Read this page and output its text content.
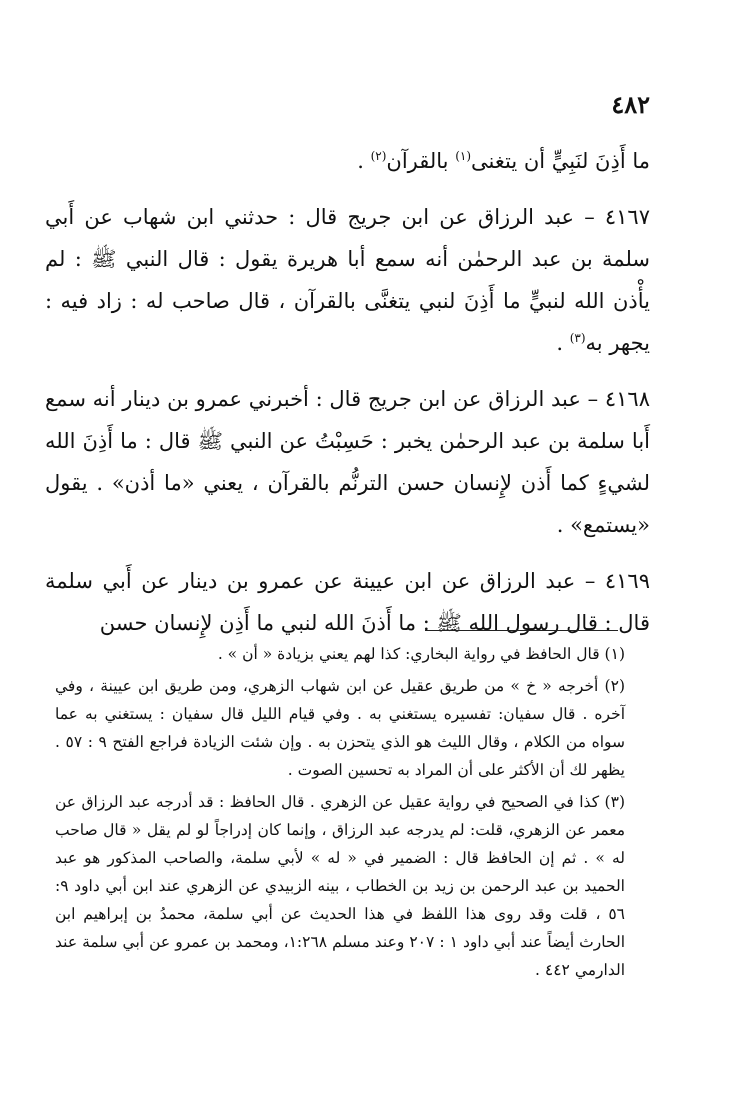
٤٨٢

ما أَذِنَ لنَبِيٍّ أن يتغنى$^{(١)}$ بالقرآن$^{(٢)}$ .

٤١٦٧ – عبد الرزاق عن ابن جريج قال : حدثني ابن شهاب عن أَبي سلمة بن عبد الرحمٰن أنه سمع أبا هريرة يقول : قال النبي ﷺ : لم يأْذن الله لنبيٍّ ما أَذِنَ لنبي يتغنَّى بالقرآن ، قال صاحب له : زاد فيه : يجهر به$^{(٣)}$ .

٤١٦٨ – عبد الرزاق عن ابن جريج قال : أخبرني عمرو بن دينار أنه سمع أَبا سلمة بن عبد الرحمٰن يخبر : حَسِبْتُ عن النبي ﷺ قال : ما أَذِنَ الله لشيءٍ كما أَذن لإِنسان حسن الترنُّم بالقرآن ، يعني «ما أذن» . يقول «يستمع» .

٤١٦٩ – عبد الرزاق عن ابن عيينة عن عمرو بن دينار عن أَبي سلمة قال : قال رسول الله ﷺ : ما أَذنَ الله لنبي ما أَذِن لإِنسان حسن

(١) قال الحافظ في رواية البخاري: كذا لهم يعني بزيادة « أن » .

(٢) أخرجه « خ » من طريق عقيل عن ابن شهاب الزهري، ومن طريق ابن عيينة ، وفي آخره . قال سفيان: تفسيره يستغني به . وفي قيام الليل قال سفيان : يستغني به عما سواه من الكلام ، وقال الليث هو الذي يتحزن به . وإن شئت الزيادة فراجع الفتح ٩ : ٥٧ . يظهر لك أن الأكثر على أن المراد به تحسين الصوت .

(٣) كذا في الصحيح في رواية عقيل عن الزهري . قال الحافظ : قد أدرجه عبد الرزاق عن معمر عن الزهري، قلت: لم يدرجه عبد الرزاق ، وإنما كان إدراجاً لو لم يقل « قال صاحب له » . ثم إن الحافظ قال : الضمير في « له » لأبي سلمة، والصاحب المذكور هو عبد الحميد بن عبد الرحمن بن زيد بن الخطاب ، بينه الزبيدي عن الزهري عند ابن أبي داود ٩: ٥٦ ، قلت وقد روى هذا اللفظ في هذا الحديث عن أبي سلمة، محمدُ بن إبراهيم ابن الحارث أيضاً عند أبي داود ١ : ٢٠٧ وعند مسلم ١:٢٦٨، ومحمد بن عمرو عن أبي سلمة عند الدارمي ٤٤٢ .
